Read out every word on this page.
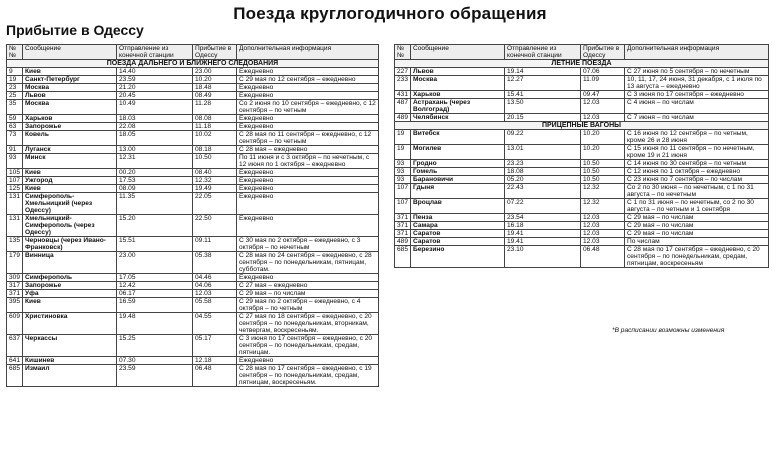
Поезда круглогодичного обращения
Прибытие в Одессу
№ №	Сообщение	Отправление из конечной станции	Прибытие в Одессу	Дополнительная информация
ПОЕЗДА ДАЛЬНЕГО И БЛИЖНЕГО СЛЕДОВАНИЯ				
9	Киев	14.40	23.00	Ежедневно
19	Санкт-Петербург	23.59	10.20	С 29 мая по 12 сентября – ежедневно
23	Москва	21.20	18.48	Ежедневно
25	Львов	20.45	08.49	Ежедневно
35	Москва	10.49	11.28	Со 2 июня по 10 сентября – ежедневно, с 12 сентября – по четным
59	Харьков	18.03	08.08	Ежедневно
63	Запорожье	22.08	11.18	Ежедневно
73	Ковель	18.05	10.02	С 28 мая по 11 сентября – ежедневно, с 12 сентября – по четным
91	Луганск	13.00	08.18	С 28 мая – ежедневно
93	Минск	12.31	10.50	По 11 июня и с 3 октября – по нечетным, с 12 июня по 1 октября – ежедневно
105	Киев	00.20	08.40	Ежедневно
107	Ужгород	17.53	12.32	Ежедневно
125	Киев	08.09	19.49	Ежедневно
131	Симферополь-Хмельницкий (через Одессу)	11.35	22.05	Ежедневно
131	Хмельницкий-Симферополь (через Одессу)	15.20	22.50	Ежедневно
135	Черновцы (через Ивано-Франковск)	15.51	09.11	С 30 мая по 2 октября – ежедневно, с 3 октября – по нечетным
179	Винница	23.00	05.38	С 28 мая по 24 сентября – ежедневно, с 28 сентября – по понедельникам, пятницам, субботам.
309	Симферополь	17.05	04.46	Ежедневно
317	Запорожье	12.42	04.06	С 27 мая – ежедневно
371	Уфа	06.17	12.03	С 29 мая – по числам
395	Киев	16.59	05.58	С 29 мая по 2 октября – ежедневно, с 4 октября – по четным
609	Христиновка	19.48	04.55	С 27 мая по 18 сентября – ежедневно, с 20 сентября – по понедельникам, вторникам, четвергам, воскресеньям.
637	Черкассы	15.25	05.17	С 3 июня по 17 сентября – ежедневно, с 20 сентября – по понедельникам, средам, пятницам.
641	Кишинев	07.30	12.18	Ежедневно
685	Измаил	23.59	06.48	С 28 мая по 17 сентября – ежедневно, с 19 сентября – по понедельникам, средам, пятницам, воскресеньям.
№ №	Сообщение	Отправление из конечной станции	Прибытие в Одессу	Дополнительная информация
ЛЕТНИЕ ПОЕЗДА				
227	Львов	19.14	07.06	С 27 июня по 5 сентября – по нечетным
233	Москва	12.27	11.09	10, 11, 17, 24 июня, 31 декабря, с 1 июля по 13 августа – ежедневно
431	Харьков	15.41	09.47	С 3 июня по 17 сентября – ежедневно
487	Астрахань (через Волгоград)	13.50	12.03	С 4 июня – по числам
489	Челябинск	20.15	12.03	С 7 июня – по числам
ПРИЦЕПНЫЕ ВАГОНЫ				
19	Витебск	09.22	10.20	С 16 июня по 12 сентября – по четным, кроме 26 и 28 июня
19	Могилев	13.01	10.20	С 15 июня по 11 сентября – по нечетным, кроме 19 и 21 июня
93	Гродно	23.23	10.50	С 14 июня по 30 сентября – по четным
93	Гомель	18.08	10.50	С 12 июня по 1 октября – ежедневно
93	Барановичи	05.20	10.50	С 23 июня по 7 сентября – по числам
107	Гдыня	22.43	12.32	Со 2 по 30 июня – по нечетным, с 1 по 31 августа – по нечетным
107	Вроцлав	07.22	12.32	С 1 по 31 июня – по нечетным, со 2 по 30 августа – по четным и 1 сентября
371	Пенза	23.54	12.03	С 29 мая – по числам
371	Самара	16.18	12.03	С 29 мая – по числам
371	Саратов	19.41	12.03	С 29 мая – по числам
489	Саратов	19.41	12.03	По числам
685	Березино	23.10	06.48	С 28 мая по 17 сентября – ежедневно, с 20 сентября – по понедельникам, средам, пятницам, воскресеньям
*В расписании возможны изменения
